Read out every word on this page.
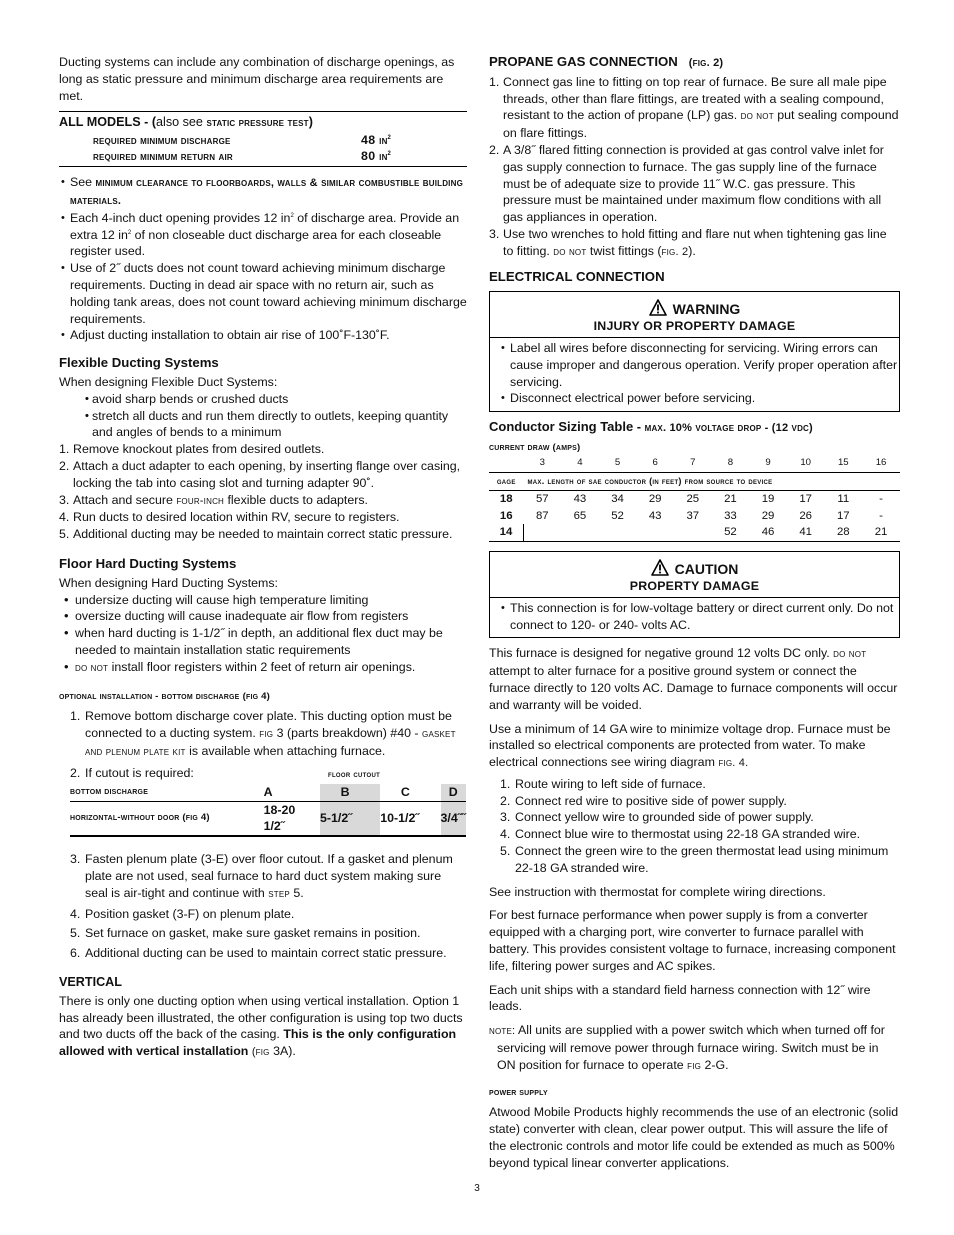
Ducting systems can include any combination of discharge openings, as long as static pressure and minimum discharge area requirements are met.

ALL MODELS - ( also see
static pressure test )
required minimum discharge	48 $in^2$
required minimum return air	80 $in^2$
• See minimum clearance to floorboards, walls & similar combustible building materials.
• Each 4-inch duct opening provides 12 $in^2$ of discharge area. Provide an extra 12 $in^2$ of non closeable duct discharge area for each closeable register used.
• Use of 2˝ ducts does not count toward achieving minimum discharge requirements. Ducting in dead air space with no return air, such as holding tank areas, does not count toward achieving minimum discharge requirements.
• Adjust ducting installation to obtain air rise of 100˚F-130˚F.
Flexible Ducting Systems
When designing Flexible Duct Systems:
• • avoid sharp bends or crushed ducts
• • stretch all ducts and run them directly to outlets, keeping quantity and angles of bends to a minimum
1. Remove knockout plates from desired outlets.
2. Attach a duct adapter to each opening, by inserting flange over casing, locking the tab into casing slot and turning adapter 90˚.
3. Attach and secure four-inch flexible ducts to adapters.
4. Run ducts to desired location within RV, secure to registers.
5. Additional ducting may be needed to maintain correct static pressure.
Floor Hard Ducting Systems
When designing Hard Ducting Systems:
• undersize ducting will cause high temperature limiting
• oversize ducting will cause inadequate air flow from registers
• when hard ducting is 1-1/2˝ in depth, an additional flex duct may be needed to maintain installation static requirements
• do not install floor registers within 2 feet of return air openings.
optional installation - bottom discharge (fig 4)
1. Remove bottom discharge cover plate. This ducting option must be connected to a ducting system. fig 3 (parts breakdown) #40 - gasket and plenum plate kit is available when attaching furnace.
2. If cutout is required:	floor cutout
bottom discharge	A	B	C	D
horizontal-without door (fig 4)	18-20 1/2˝	5-1/2˝	10-1/2˝	3/4˝˝
3. Fasten plenum plate (3-E) over floor cutout. If a gasket and plenum plate are not used, seal furnace to hard duct system making sure seal is air-tight and continue with step 5.
4. Position gasket (3-F) on plenum plate.
5. Set furnace on gasket, make sure gasket remains in position.
6. Additional ducting can be used to maintain correct static pressure.
VERTICAL

There is only one ducting option when using vertical installation. Option 1 has already been illustrated, the other configuration is using top two ducts and two ducts off the back of the casing. This is the only configuration allowed with vertical installation (fig 3A).

PROPANE GAS CONNECTION (fig. 2)
1. Connect gas line to fitting on top rear of furnace. Be sure all male pipe threads, other than flare fittings, are treated with a sealing compound, resistant to the action of propane (LP) gas. do not put sealing compound on flare fittings.
2. A 3/8˝ flared fitting connection is provided at gas control valve inlet for gas supply connection to furnace. The gas supply line of the furnace must be of adequate size to provide 11˝ W.C. gas pressure. This pressure must be maintained under maximum flow conditions with all gas appliances in operation.
3. Use two wrenches to hold fitting and flare nut when tightening gas line to fitting. do not twist fittings (fig. 2).
ELECTRICAL CONNECTION
WARNING
INJURY OR PROPERTY DAMAGE
• Label all wires before disconnecting for servicing. Wiring errors can cause improper and dangerous operation. Verify proper operation after servicing.
• Disconnect electrical power before servicing.
Conductor Sizing Table - max. 10% voltage drop - (12 vdc)
current draw (amps)
	3	4	5	6	7	8	9	10	15	16
gage	max. length of sae conductor (in feet) from source to device									
18	57	43	34	29	25	21	19	17	11	-
16	87	65	52	43	37	33	29	26	17	-
14						52	46	41	28	21
CAUTION
PROPERTY DAMAGE
• This connection is for low-voltage battery or direct current only. Do not connect to 120- or 240- volts AC.

This furnace is designed for negative ground 12 volts DC only. do not attempt to alter furnace for a positive ground system or connect the furnace directly to 120 volts AC. Damage to furnace components will occur and warranty will be voided.

Use a minimum of 14 GA wire to minimize voltage drop. Furnace must be installed so electrical components are protected from water. To make electrical connections see wiring diagram fig. 4.

1. Route wiring to left side of furnace.
2. Connect red wire to positive side of power supply.
3. Connect yellow wire to grounded side of power supply.
4. Connect blue wire to thermostat using 22-18 GA stranded wire.
5. Connect the green wire to the green thermostat lead using minimum 22-18 GA stranded wire.

See instruction with thermostat for complete wiring directions.

For best furnace performance when power supply is from a converter equipped with a charging port, wire converter to furnace parallel with battery. This provides consistent voltage to furnace, increasing component life, filtering power surges and AC spikes.

Each unit ships with a standard field harness connection with 12˝ wire leads.

note: All units are supplied with a power switch which when turned off for servicing will remove power through furnace wiring. Switch must be in ON position for furnace to operate fig 2-G.

power supply

Atwood Mobile Products highly recommends the use of an electronic (solid state) converter with clean, clear power output. This will assure the life of the electronic controls and motor life could be extended as much as 500% beyond typical linear converter applications.

3
